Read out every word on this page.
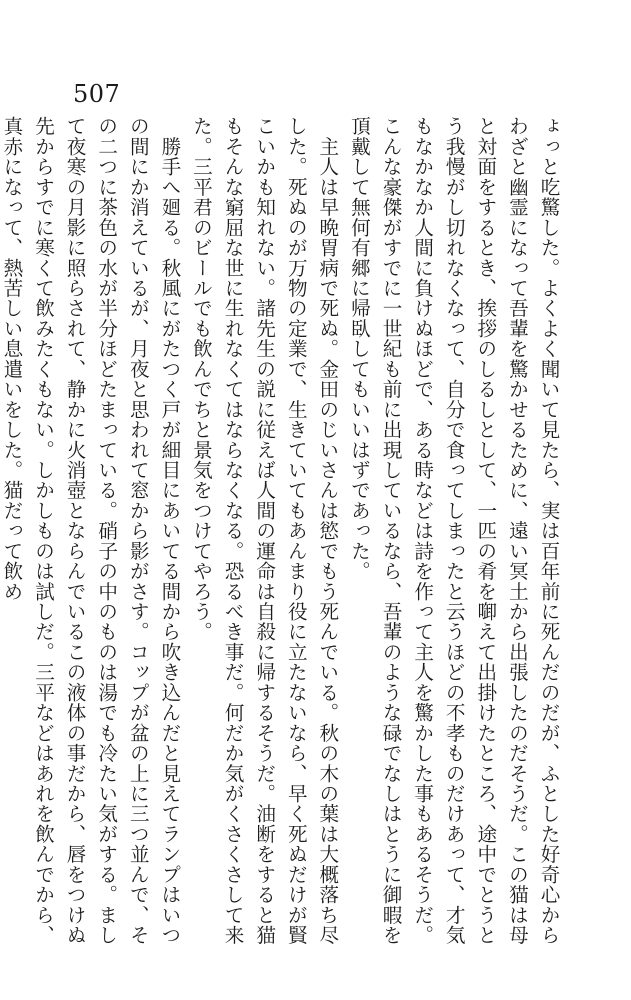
507

ょっと吃驚した。よくよく聞いて見たら、実は百年前に死んだのだが、ふとした好奇心からわざと幽霊になって吾輩を驚かせるために、遠い冥土から出張したのだそうだ。この猫は母と対面をするとき、挨拶のしるしとして、一匹の肴を啣えて出掛けたところ、途中でとうとう我慢がし切れなくなって、自分で食ってしまったと云うほどの不孝ものだけあって、才気もなかなか人間に負けぬほどで、ある時などは詩を作って主人を驚かした事もあるそうだ。こんな豪傑がすでに一世紀も前に出現しているなら、吾輩のような碌でなしはとうに御暇を頂戴して無何有郷に帰臥してもいいはずであった。

　主人は早晩胃病で死ぬ。金田のじいさんは慾でもう死んでいる。秋の木の葉は大概落ち尽した。死ぬのが万物の定業で、生きていてもあんまり役に立たないなら、早く死ぬだけが賢こいかも知れない。諸先生の説に従えば人間の運命は自殺に帰するそうだ。油断をすると猫もそんな窮屈な世に生れなくてはならなくなる。恐るべき事だ。何だか気がくさくさして来た。三平君のビールでも飲んでちと景気をつけてやろう。

　勝手へ廻る。秋風にがたつく戸が細目にあいてる間から吹き込んだと見えてランプはいつの間にか消えているが、月夜と思われて窓から影がさす。コップが盆の上に三つ並んで、その二つに茶色の水が半分ほどたまっている。硝子の中のものは湯でも冷たい気がする。まして夜寒の月影に照らされて、静かに火消壺とならんでいるこの液体の事だから、唇をつけぬ先からすでに寒くて飲みたくもない。しかしものは試しだ。三平などはあれを飲んでから、真赤になって、熱苦しい息遣いをした。猫だって飲め
